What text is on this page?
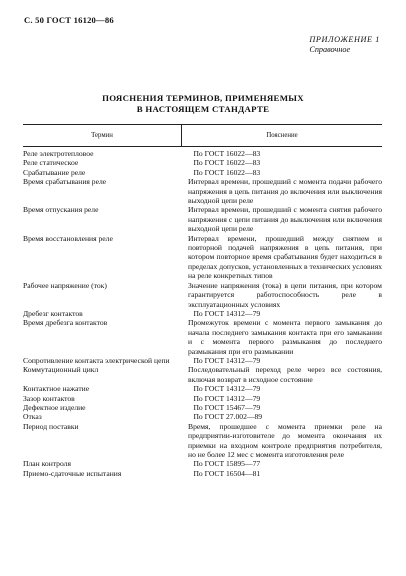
С. 50 ГОСТ 16120—86
ПРИЛОЖЕНИЕ 1
Справочное
ПОЯСНЕНИЯ ТЕРМИНОВ, ПРИМЕНЯЕМЫХ
В НАСТОЯЩЕМ СТАНДАРТЕ
Термин	Пояснение
Реле электротепловое	По ГОСТ 16022—83
Реле статическое	По ГОСТ 16022—83
Срабатывание реле	По ГОСТ 16022—83
Время срабатывания реле	Интервал времени, прошедший с момента подачи рабочего напряжения в цепь питания до включения или выключения выходной цепи реле
Время отпускания реле	Интервал времени, прошедший с момента снятия рабочего напряжения с цепи питания до выключения или включения выходной цепи реле
Время восстановления реле	Интервал времени, прошедший между снятием и повторной подачей напряжения в цепь питания, при котором повторное время срабатывания будет находиться в пределах допусков, установленных в технических условиях на реле конкретных типов
Рабочее напряжение (ток)	Значение напряжения (тока) в цепи питания, при котором гарантируется работоспособность реле в эксплуатационных условиях
Дребезг контактов	По ГОСТ 14312—79
Время дребезга контактов	Промежуток времени с момента первого замыкания до начала последнего замыкания контакта при его замыкании и с момента первого размыкания до последнего размыкания при его размыкании
Сопротивление контакта электрической цепи	По ГОСТ 14312—79
Коммутационный цикл	Последовательный переход реле через все состояния, включая возврат в исходное состояние
Контактное нажатие	По ГОСТ 14312—79
Зазор контактов	По ГОСТ 14312—79
Дефектное изделие	По ГОСТ 15467—79
Отказ	По ГОСТ 27.002—89
Период поставки	Время, прошедшее с момента приемки реле на предприятии-изготовителе до момента окончания их приемки на входном контроле предприятия потребителя, но не более 12 мес с момента изготовления реле
План контроля	По ГОСТ 15895—77
Приемо-сдаточные испытания	По ГОСТ 16504—81
